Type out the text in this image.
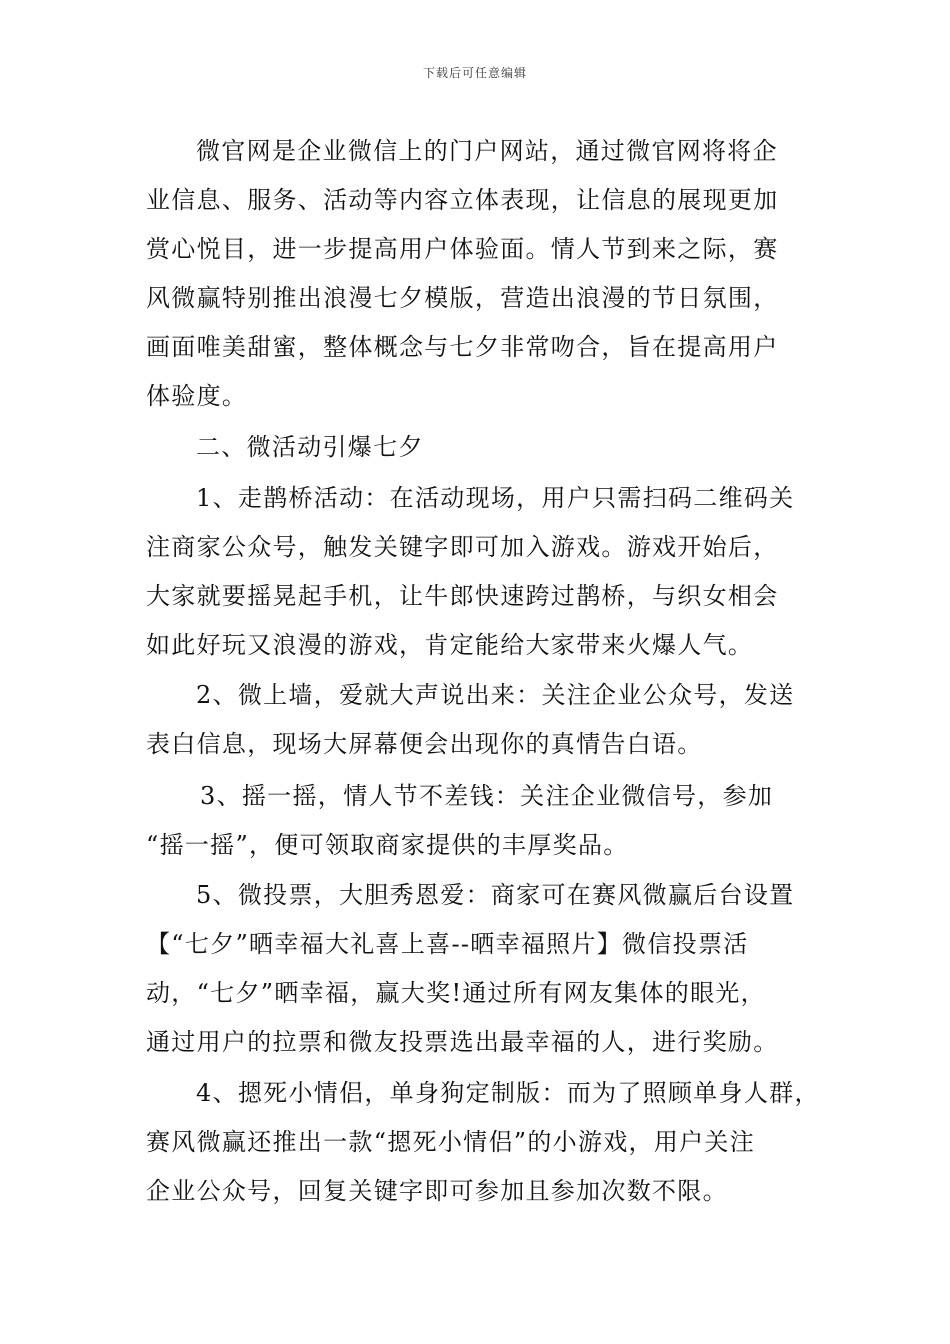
下载后可任意编辑
微官网是企业微信上的门户网站，通过微官网将将企
业信息、服务、活动等内容立体表现，让信息的展现更加
赏心悦目，进一步提高用户体验面。情人节到来之际，赛
风微赢特别推出浪漫七夕模版，营造出浪漫的节日氛围，
画面唯美甜蜜，整体概念与七夕非常吻合，旨在提高用户
体验度。
二、微活动引爆七夕
1、走鹊桥活动：在活动现场，用户只需扫码二维码关
注商家公众号，触发关键字即可加入游戏。游戏开始后，
大家就要摇晃起手机，让牛郎快速跨过鹊桥，与织女相会
如此好玩又浪漫的游戏，肯定能给大家带来火爆人气。
2、微上墙，爱就大声说出来：关注企业公众号，发送
表白信息，现场大屏幕便会出现你的真情告白语。
3、摇一摇，情人节不差钱：关注企业微信号，参加
“摇一摇”，便可领取商家提供的丰厚奖品。
5、微投票，大胆秀恩爱：商家可在赛风微赢后台设置
【“七夕”晒幸福大礼喜上喜--晒幸福照片】微信投票活
动，“七夕”晒幸福，赢大奖!通过所有网友集体的眼光，
通过用户的拉票和微友投票选出最幸福的人，进行奖励。
4、摁死小情侣，单身狗定制版：而为了照顾单身人群，
赛风微赢还推出一款“摁死小情侣”的小游戏，用户关注
企业公众号，回复关键字即可参加且参加次数不限。
